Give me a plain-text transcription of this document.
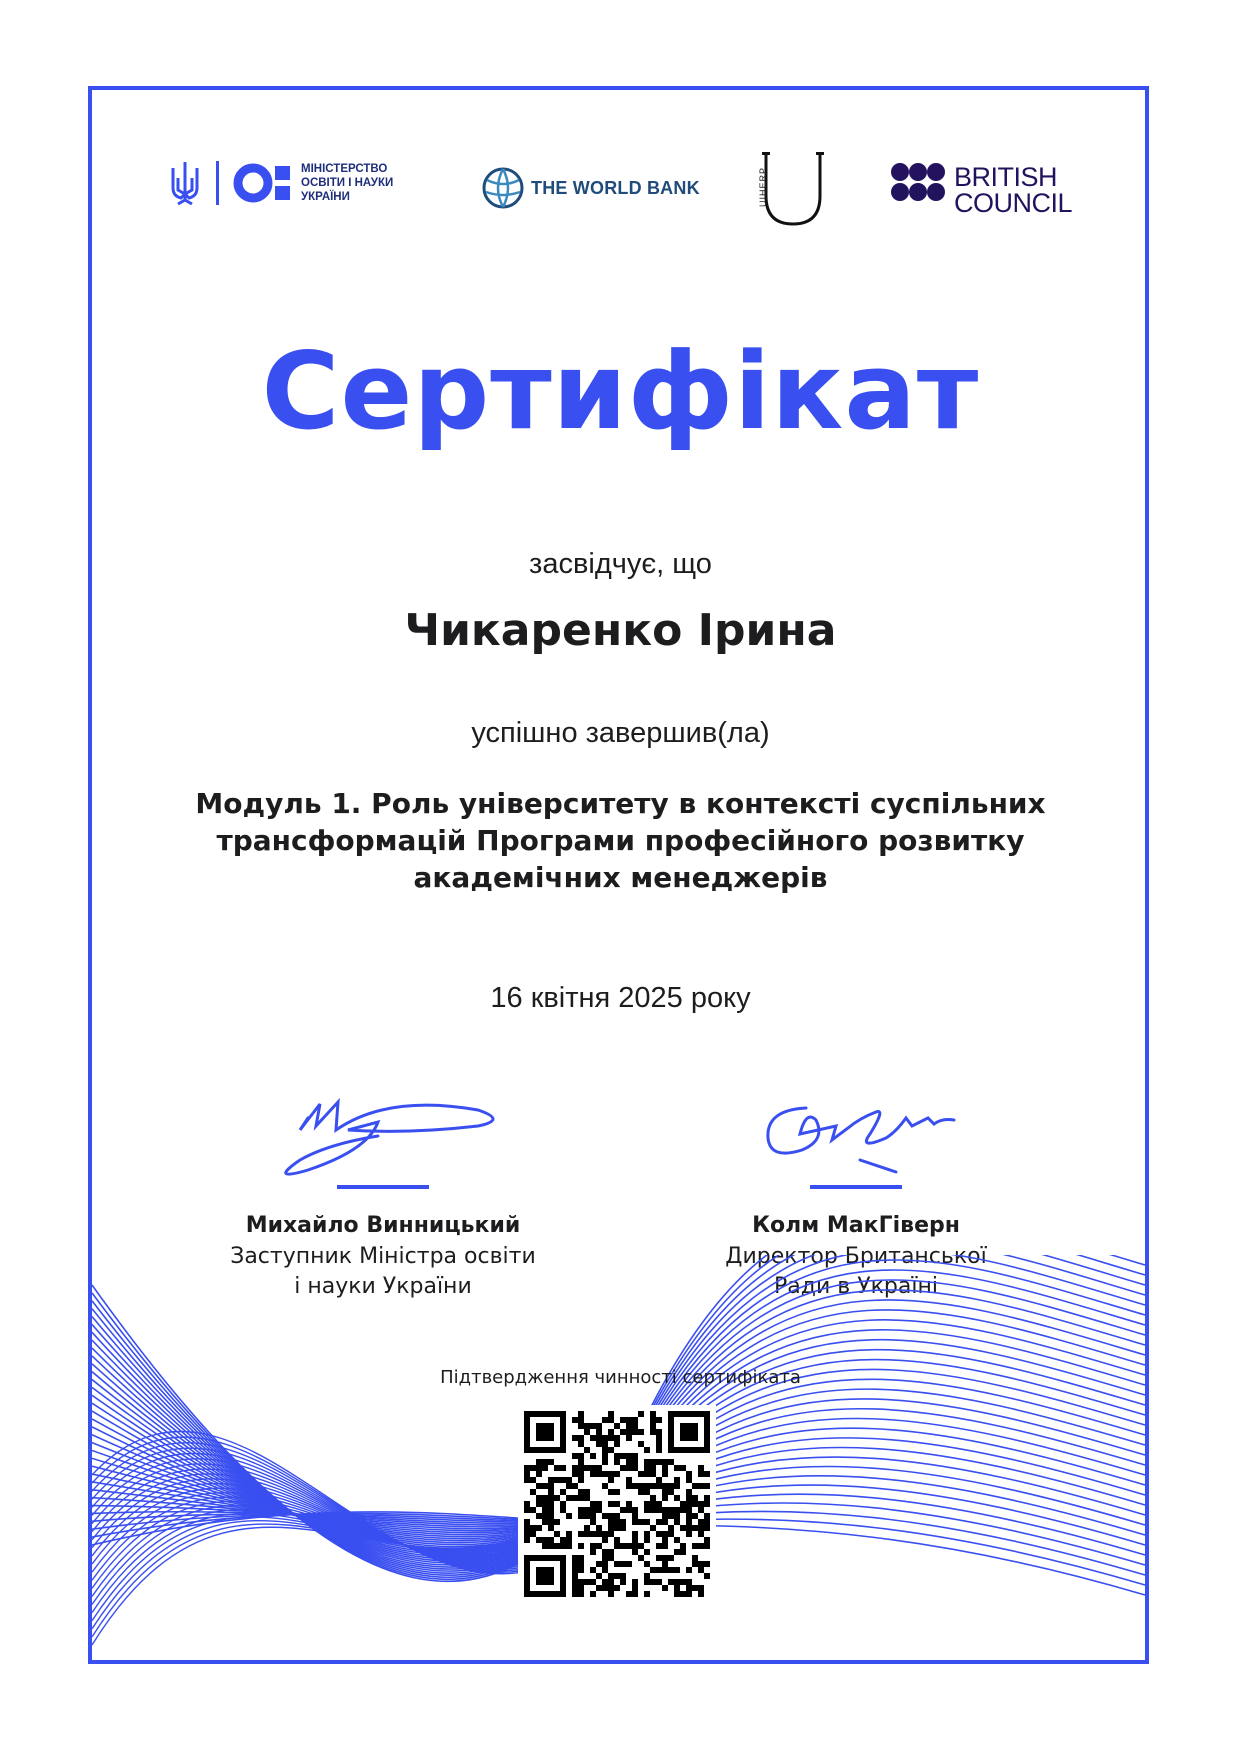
МІНІСТЕРСТВО ОСВІТИ І НАУКИ УКРАЇНИ	THE WORLD BANK	UIHERP	BRITISH
COUNCIL
Сертифікат
засвідчує, що
Чикаренко Ірина
успішно завершив(ла)
Модуль 1. Роль університету в контексті суспільних
трансформацій Програми професійного розвитку
академічних менеджерів
16 квітня 2025 року
Михайло Винницький
Заступник Міністра освіти
і науки України
Колм МакГіверн
Директор Британської
Ради в Україні
Підтвердження чинності сертифіката
